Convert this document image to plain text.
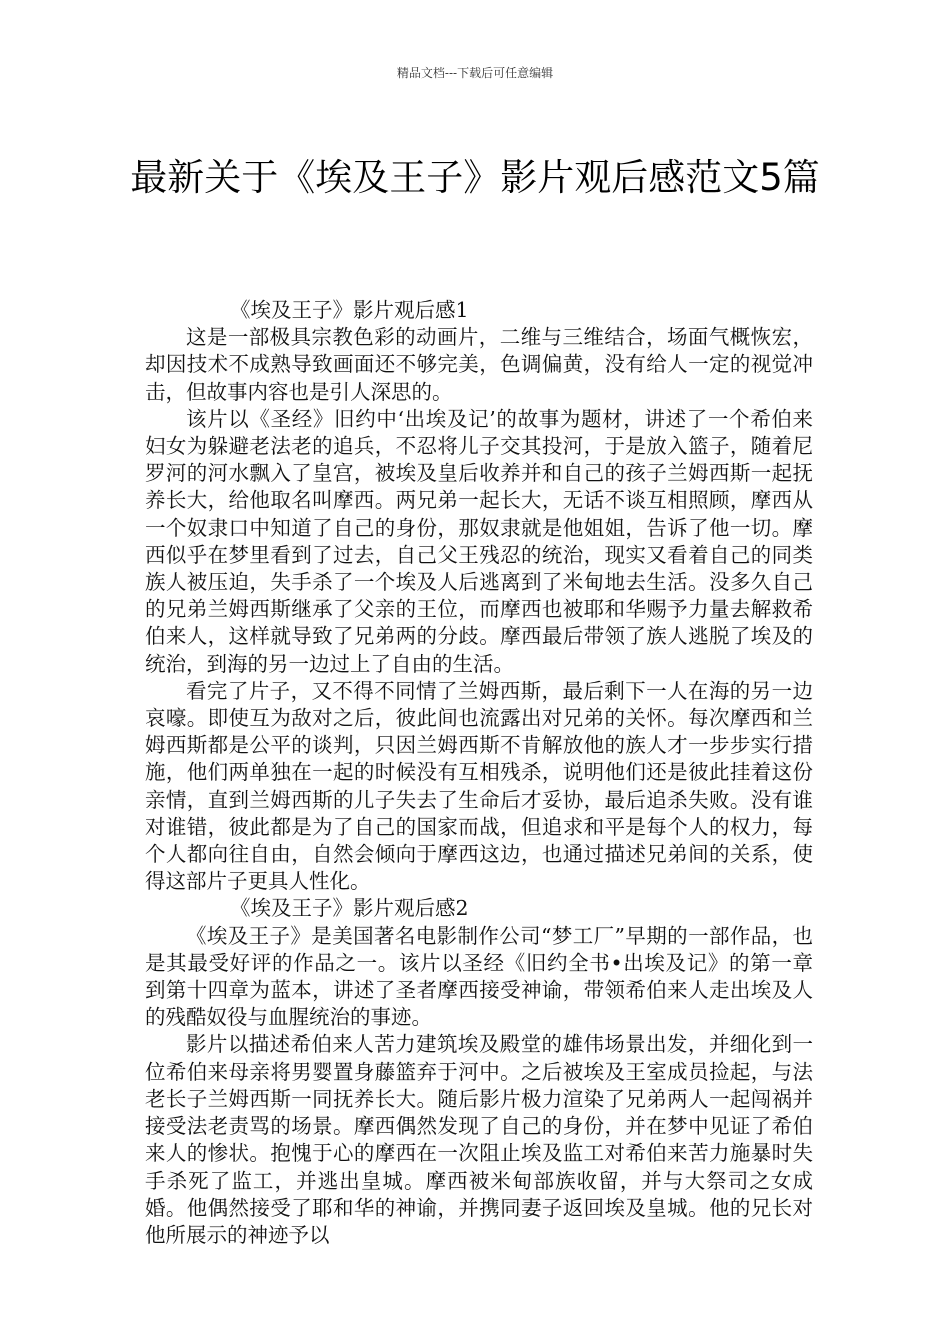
精品文档---下载后可任意编辑
最新关于《埃及王子》影片观后感范文5篇

《埃及王子》影片观后感1

这是一部极具宗教色彩的动画片，二维与三维结合，场面气概恢宏，却因技术不成熟导致画面还不够完美，色调偏黄，没有给人一定的视觉冲击，但故事内容也是引人深思的。

该片以《圣经》旧约中‘出埃及记’的故事为题材，讲述了一个希伯来妇女为躲避老法老的追兵，不忍将儿子交其投河，于是放入篮子，随着尼罗河的河水飘入了皇宫，被埃及皇后收养并和自己的孩子兰姆西斯一起抚养长大，给他取名叫摩西。两兄弟一起长大，无话不谈互相照顾，摩西从一个奴隶口中知道了自己的身份，那奴隶就是他姐姐，告诉了他一切。摩西似乎在梦里看到了过去，自己父王残忍的统治，现实又看着自己的同类族人被压迫，失手杀了一个埃及人后逃离到了米甸地去生活。没多久自己的兄弟兰姆西斯继承了父亲的王位，而摩西也被耶和华赐予力量去解救希伯来人，这样就导致了兄弟两的分歧。摩西最后带领了族人逃脱了埃及的统治，到海的另一边过上了自由的生活。

看完了片子，又不得不同情了兰姆西斯，最后剩下一人在海的另一边哀嚎。即使互为敌对之后，彼此间也流露出对兄弟的关怀。每次摩西和兰姆西斯都是公平的谈判，只因兰姆西斯不肯解放他的族人才一步步实行措施，他们两单独在一起的时候没有互相残杀，说明他们还是彼此挂着这份亲情，直到兰姆西斯的儿子失去了生命后才妥协，最后追杀失败。没有谁对谁错，彼此都是为了自己的国家而战，但追求和平是每个人的权力，每个人都向往自由，自然会倾向于摩西这边，也通过描述兄弟间的关系，使得这部片子更具人性化。

《埃及王子》影片观后感2

《埃及王子》是美国著名电影制作公司“梦工厂”早期的一部作品，也是其最受好评的作品之一。该片以圣经《旧约全书•出埃及记》的第一章到第十四章为蓝本，讲述了圣者摩西接受神谕，带领希伯来人走出埃及人的残酷奴役与血腥统治的事迹。

影片以描述希伯来人苦力建筑埃及殿堂的雄伟场景出发，并细化到一位希伯来母亲将男婴置身藤篮弃于河中。之后被埃及王室成员捡起，与法老长子兰姆西斯一同抚养长大。随后影片极力渲染了兄弟两人一起闯祸并接受法老责骂的场景。摩西偶然发现了自己的身份，并在梦中见证了希伯来人的惨状。抱愧于心的摩西在一次阻止埃及监工对希伯来苦力施暴时失手杀死了监工，并逃出皇城。摩西被米甸部族收留，并与大祭司之女成婚。他偶然接受了耶和华的神谕，并携同妻子返回埃及皇城。他的兄长对他所展示的神迹予以
